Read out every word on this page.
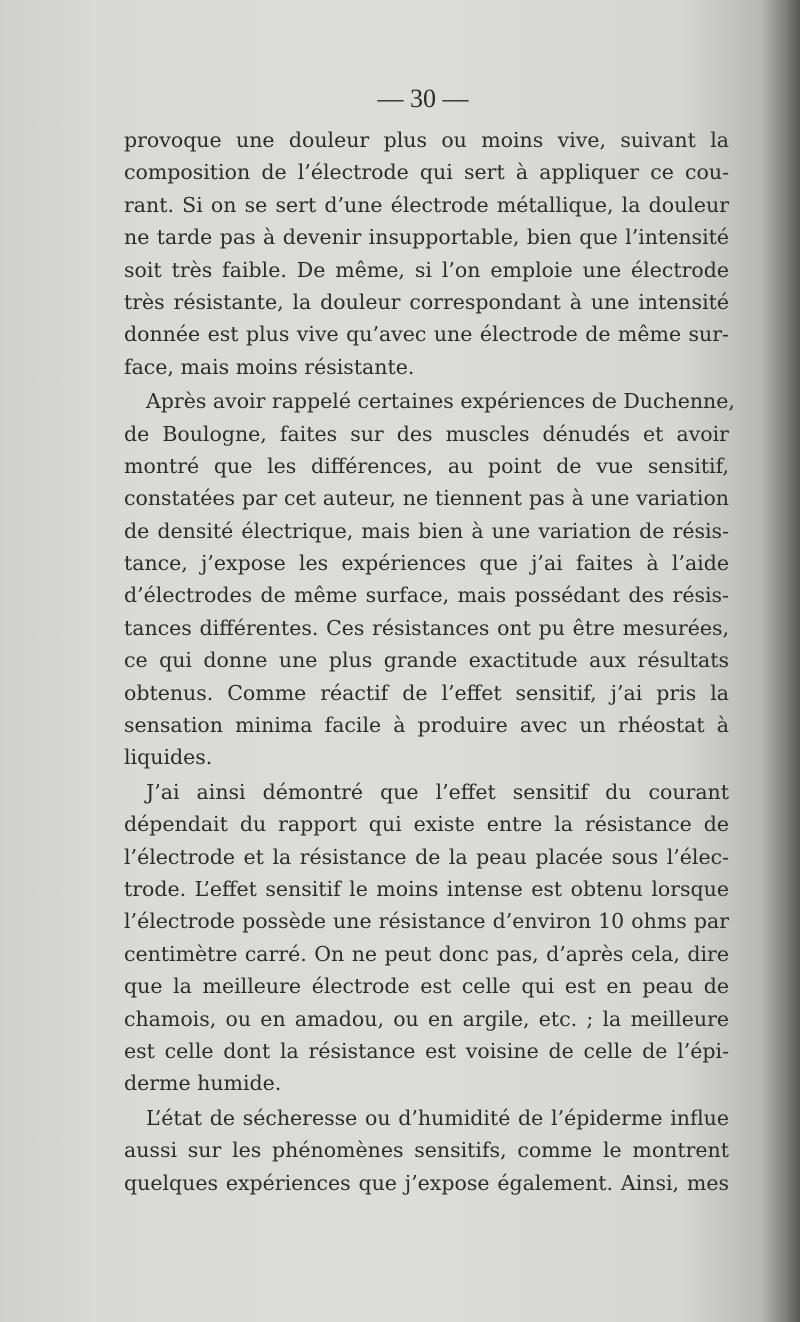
— 30 —
provoque une douleur plus ou moins vive, suivant la
composition de l’électrode qui sert à appliquer ce cou-
rant. Si on se sert d’une électrode métallique, la douleur
ne tarde pas à devenir insupportable, bien que l’intensité
soit très faible. De même, si l’on emploie une électrode
très résistante, la douleur correspondant à une intensité
donnée est plus vive qu’avec une électrode de même sur-
face, mais moins résistante.
Après avoir rappelé certaines expériences de Duchenne,
de Boulogne, faites sur des muscles dénudés et avoir
montré que les différences, au point de vue sensitif,
constatées par cet auteur, ne tiennent pas à une variation
de densité électrique, mais bien à une variation de résis-
tance, j’expose les expériences que j’ai faites à l’aide
d’électrodes de même surface, mais possédant des résis-
tances différentes. Ces résistances ont pu être mesurées,
ce qui donne une plus grande exactitude aux résultats
obtenus. Comme réactif de l’effet sensitif, j’ai pris la
sensation minima facile à produire avec un rhéostat à
liquides.
J’ai ainsi démontré que l’effet sensitif du courant
dépendait du rapport qui existe entre la résistance de
l’électrode et la résistance de la peau placée sous l’élec-
trode. L’effet sensitif le moins intense est obtenu lorsque
l’électrode possède une résistance d’environ 10 ohms par
centimètre carré. On ne peut donc pas, d’après cela, dire
que la meilleure électrode est celle qui est en peau de
chamois, ou en amadou, ou en argile, etc. ; la meilleure
est celle dont la résistance est voisine de celle de l’épi-
derme humide.
L’état de sécheresse ou d’humidité de l’épiderme influe
aussi sur les phénomènes sensitifs, comme le montrent
quelques expériences que j’expose également. Ainsi, mes
